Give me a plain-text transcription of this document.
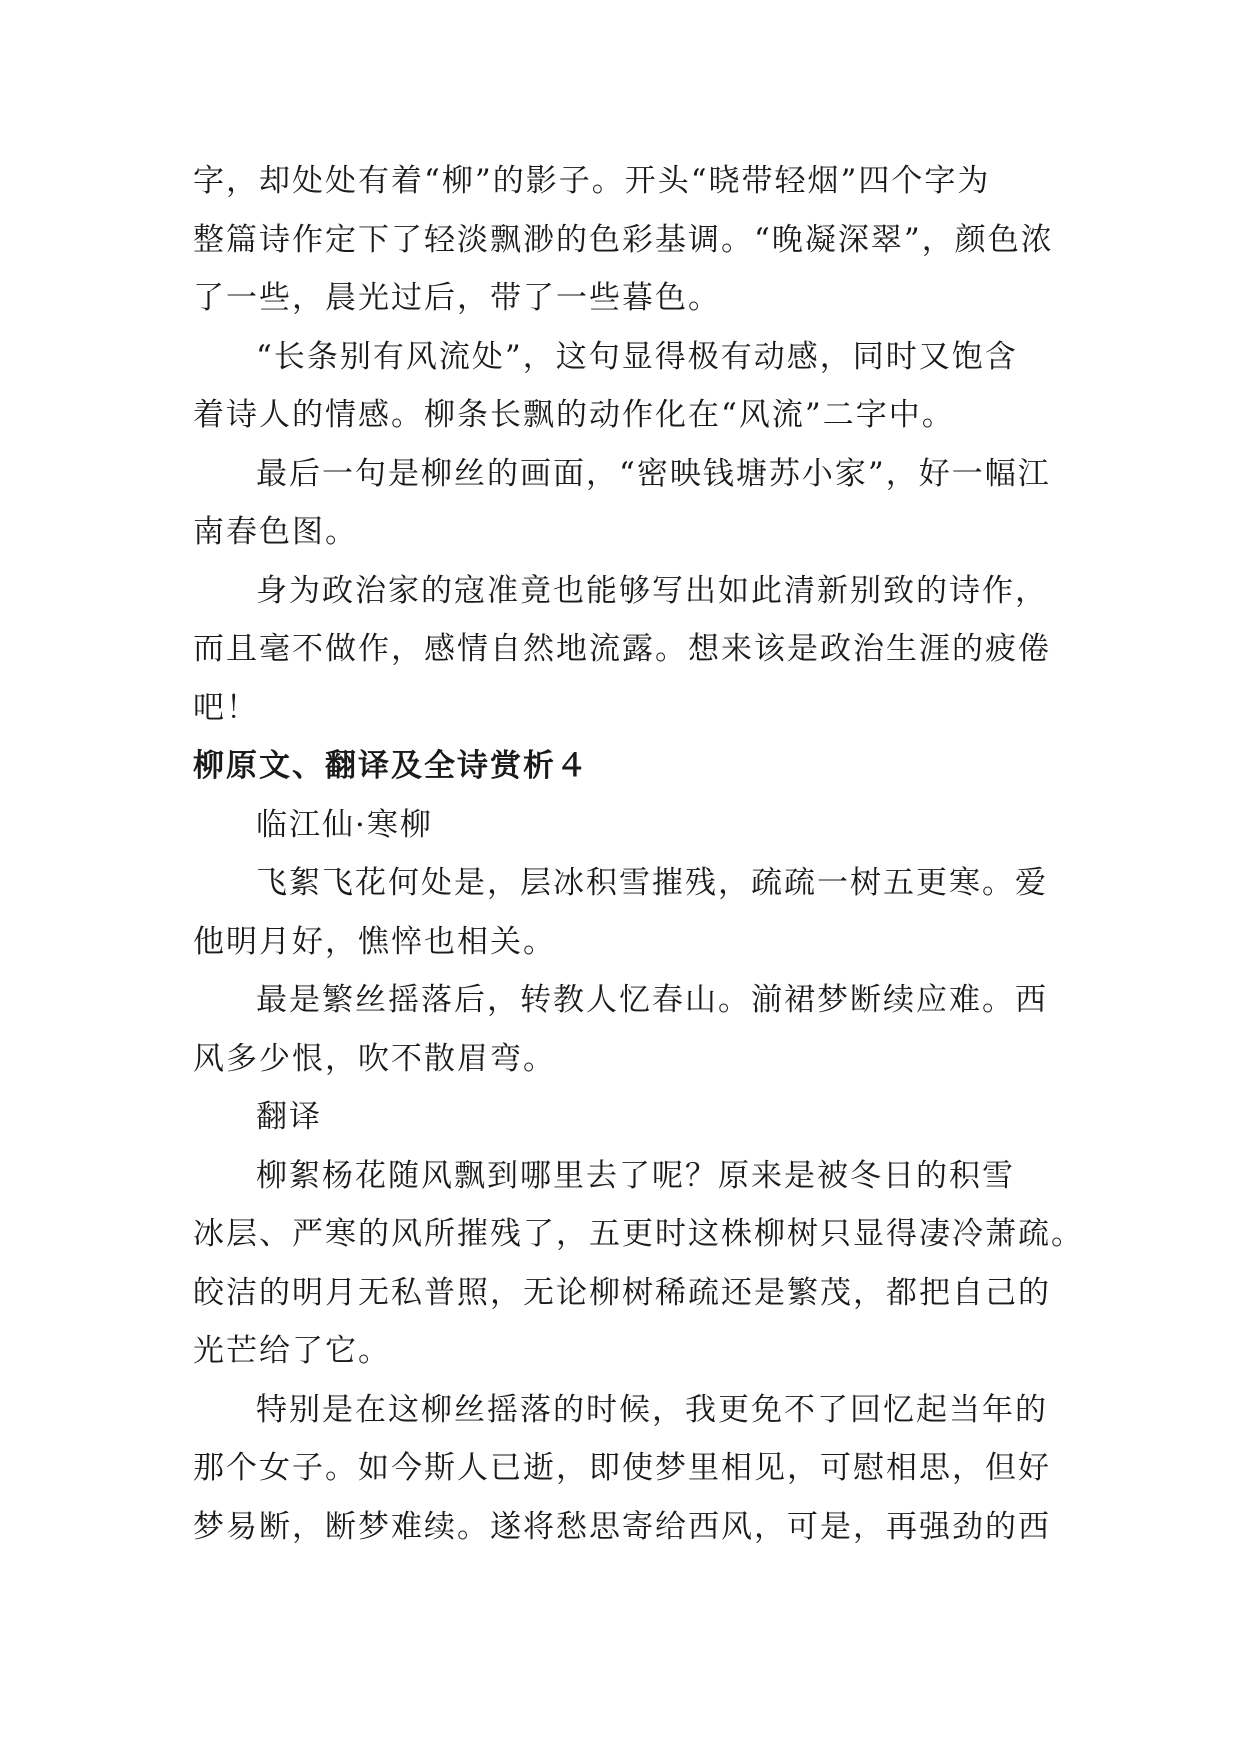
字，却处处有着“柳”的影子。开头“晓带轻烟”四个字为
整篇诗作定下了轻淡飘渺的色彩基调。“晚凝深翠”，颜色浓
了一些，晨光过后，带了一些暮色。

“长条别有风流处”，这句显得极有动感，同时又饱含
着诗人的情感。柳条长飘的动作化在“风流”二字中。

最后一句是柳丝的画面，“密映钱塘苏小家”，好一幅江
南春色图。

身为政治家的寇准竟也能够写出如此清新别致的诗作，
而且毫不做作，感情自然地流露。想来该是政治生涯的疲倦
吧！

柳原文、翻译及全诗赏析４

临江仙·寒柳

飞絮飞花何处是，层冰积雪摧残，疏疏一树五更寒。爱
他明月好，憔悴也相关。

最是繁丝摇落后，转教人忆春山。湔裙梦断续应难。西
风多少恨，吹不散眉弯。

翻译

柳絮杨花随风飘到哪里去了呢？原来是被冬日的积雪
冰层、严寒的风所摧残了，五更时这株柳树只显得凄冷萧疏。
皎洁的明月无私普照，无论柳树稀疏还是繁茂，都把自己的
光芒给了它。

特别是在这柳丝摇落的时候，我更免不了回忆起当年的
那个女子。如今斯人已逝，即使梦里相见，可慰相思，但好
梦易断，断梦难续。遂将愁思寄给西风，可是，再强劲的西
